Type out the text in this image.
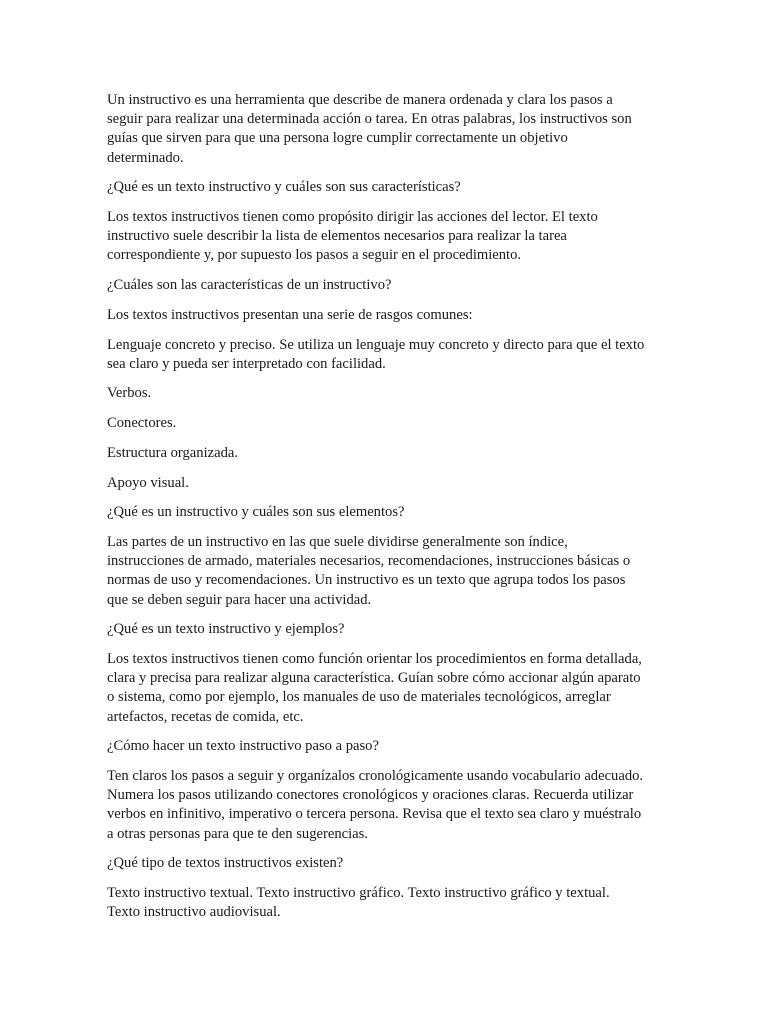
Un instructivo es una herramienta que describe de manera ordenada y clara los pasos a
seguir para realizar una determinada acción o tarea. En otras palabras, los instructivos son
guías que sirven para que una persona logre cumplir correctamente un objetivo
determinado.

¿Qué es un texto instructivo y cuáles son sus características?

Los textos instructivos tienen como propósito dirigir las acciones del lector. El texto
instructivo suele describir la lista de elementos necesarios para realizar la tarea
correspondiente y, por supuesto los pasos a seguir en el procedimiento.

¿Cuáles son las características de un instructivo?

Los textos instructivos presentan una serie de rasgos comunes:

Lenguaje concreto y preciso. Se utiliza un lenguaje muy concreto y directo para que el texto
sea claro y pueda ser interpretado con facilidad.

Verbos.

Conectores.

Estructura organizada.

Apoyo visual.

¿Qué es un instructivo y cuáles son sus elementos?

Las partes de un instructivo en las que suele dividirse generalmente son índice,
instrucciones de armado, materiales necesarios, recomendaciones, instrucciones básicas o
normas de uso y recomendaciones. Un instructivo es un texto que agrupa todos los pasos
que se deben seguir para hacer una actividad.

¿Qué es un texto instructivo y ejemplos?

Los textos instructivos tienen como función orientar los procedimientos en forma detallada,
clara y precisa para realizar alguna característica. Guían sobre cómo accionar algún aparato
o sistema, como por ejemplo, los manuales de uso de materiales tecnológicos, arreglar
artefactos, recetas de comida, etc.

¿Cómo hacer un texto instructivo paso a paso?

Ten claros los pasos a seguir y organízalos cronológicamente usando vocabulario adecuado.
Numera los pasos utilizando conectores cronológicos y oraciones claras. Recuerda utilizar
verbos en infinitivo, imperativo o tercera persona. Revisa que el texto sea claro y muéstralo
a otras personas para que te den sugerencias.

¿Qué tipo de textos instructivos existen?

Texto instructivo textual. Texto instructivo gráfico. Texto instructivo gráfico y textual.
Texto instructivo audiovisual.
